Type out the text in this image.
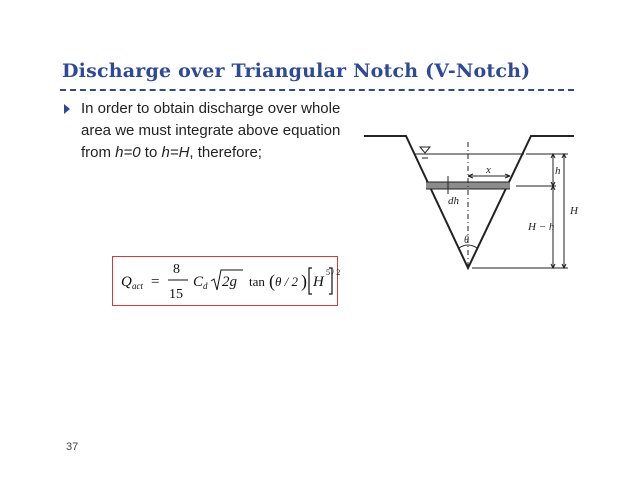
Discharge over Triangular Notch (V-Notch)
In order to obtain discharge over whole area we must integrate above equation from h=0 to h=H, therefore;
Q act =
8
15
C d 2g tan ( θ / 2 ) H
5 / 2
x	h
dh
θ
H − h
H
37
